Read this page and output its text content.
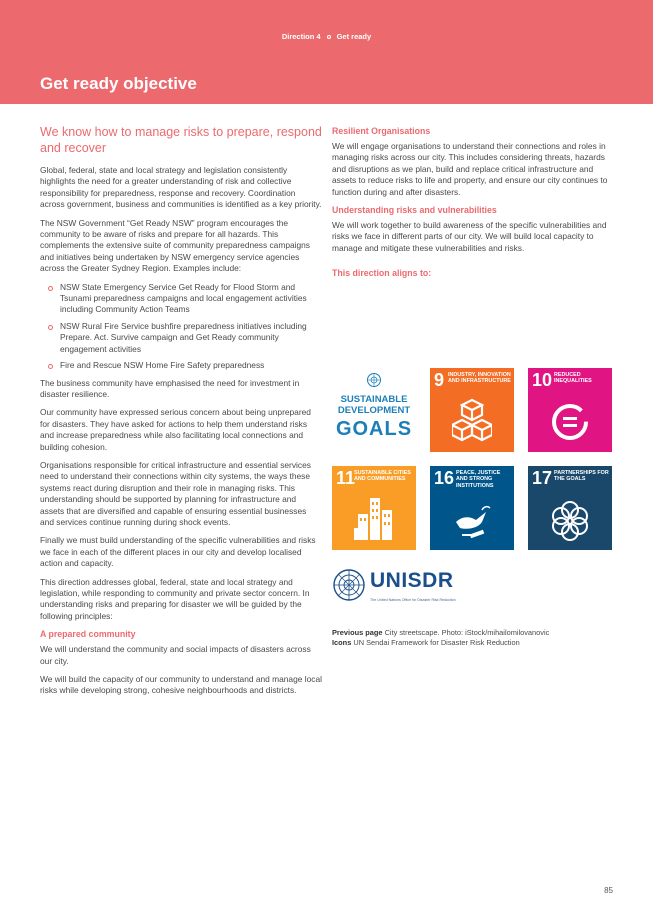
Direction 4 Get ready
Get ready objective
We know how to manage risks to prepare, respond and recover

Global, federal, state and local strategy and legislation consistently highlights the need for a greater understanding of risk and collective responsibility for preparedness, response and recovery. Coordination across government, business and communities is identified as a key priority.

The NSW Government “Get Ready NSW” program encourages the community to be aware of risks and prepare for all hazards. This complements the extensive suite of community preparedness campaigns and initiatives being undertaken by NSW emergency service agencies across the Greater Sydney Region. Examples include:

NSW State Emergency Service Get Ready for Flood Storm and Tsunami preparedness campaigns and local engagement activities including Community Action Teams
NSW Rural Fire Service bushfire preparedness initiatives including Prepare. Act. Survive campaign and Get Ready community engagement activities
Fire and Rescue NSW Home Fire Safety preparedness

The business community have emphasised the need for investment in disaster resilience.

Our community have expressed serious concern about being unprepared for disasters. They have asked for actions to help them understand risks and increase preparedness while also facilitating local connections and building cohesion.

Organisations responsible for critical infrastructure and essential services need to understand their connections within city systems, the ways these systems react during disruption and their role in managing risks. This understanding should be supported by planning for infrastructure and assets that are diversified and capable of ensuring essential businesses and services continue running during shock events.

Finally we must build understanding of the specific vulnerabilities and risks we face in each of the different places in our city and develop localised action and capacity.

This direction addresses global, federal, state and local strategy and legislation, while responding to community and private sector concern. In understanding risks and preparing for disaster we will be guided by the following principles:

A prepared community

We will understand the community and social impacts of disasters across our city.

We will build the capacity of our community to understand and manage local risks while developing strong, cohesive neighbourhoods and districts.

Resilient Organisations

We will engage organisations to understand their connections and roles in managing risks across our city. This includes considering threats, hazards and disruptions as we plan, build and replace critical infrastructure and assets to reduce risks to life and property, and ensure our city continues to function during and after disasters.

Understanding risks and vulnerabilities

We will work together to build awareness of the specific vulnerabilities and risks we face in different parts of our city. We will build local capacity to manage and mitigate these vulnerabilities and risks.

This direction aligns to:
SUSTAINABLE
DEVELOPMENT
GOALS
9 INDUSTRY, INNOVATION AND INFRASTRUCTURE 10 REDUCED INEQUALITIES
11
SUSTAINABLE CITIES AND COMMUNITIES	16 PEACE, JUSTICE AND STRONG INSTITUTIONS	17 PARTNERSHIPS FOR THE GOALS
UNISDR
The United Nations Office for Disaster Risk Reduction
Previous page City streetscape. Photo: iStock/mihailomilovanovic
Icons UN Sendai Framework for Disaster Risk Reduction
85
